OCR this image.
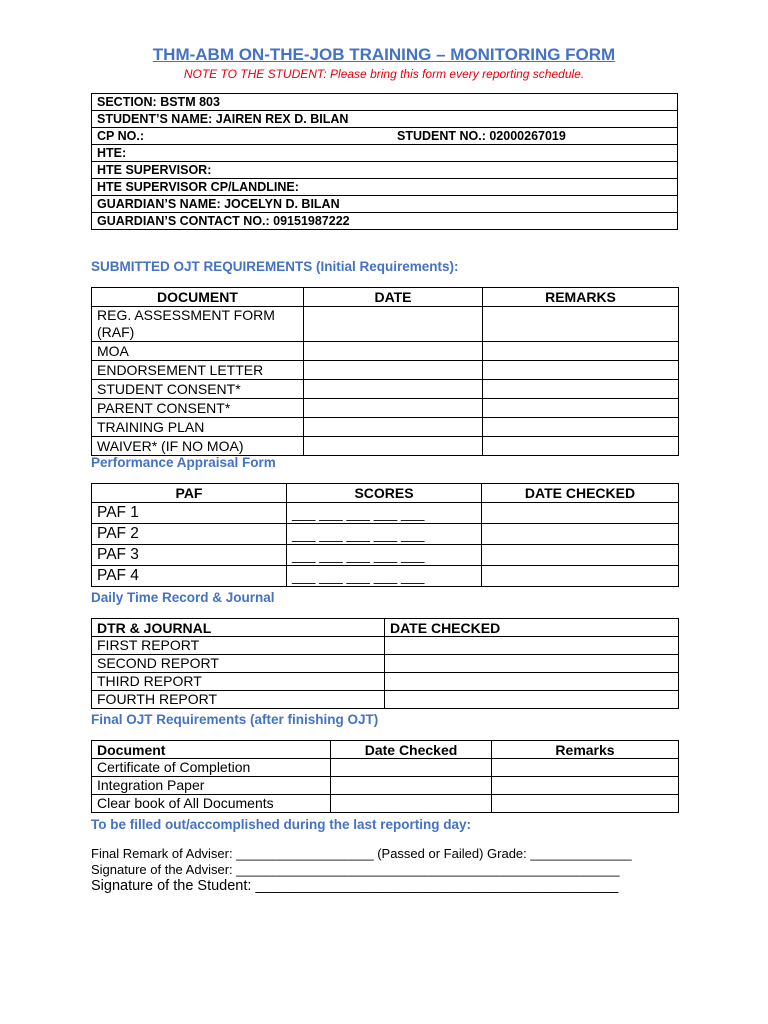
THM-ABM ON-THE-JOB TRAINING – MONITORING FORM
NOTE TO THE STUDENT: Please bring this form every reporting schedule.
SECTION: BSTM 803
STUDENT’S NAME: JAIREN REX D. BILAN

CP NO.:	STUDENT NO.: 02000267019

HTE:
HTE SUPERVISOR:
HTE SUPERVISOR CP/LANDLINE:
GUARDIAN’S NAME: JOCELYN D. BILAN
GUARDIAN’S CONTACT NO.: 09151987222
SUBMITTED OJT REQUIREMENTS (Initial Requirements):
DOCUMENT	DATE	REMARKS
REG. ASSESSMENT FORM (RAF)		
MOA		
ENDORSEMENT LETTER		
STUDENT CONSENT*		
PARENT CONSENT*		
TRAINING PLAN		
WAIVER* (IF NO MOA)		
Performance Appraisal Form
PAF	SCORES	DATE CHECKED
PAF 1	___ ___ ___ ___ ___	
PAF 2	___ ___ ___ ___ ___	
PAF 3	___ ___ ___ ___ ___	
PAF 4	___ ___ ___ ___ ___	
Daily Time Record & Journal
DTR & JOURNAL	DATE CHECKED
FIRST REPORT	
SECOND REPORT	
THIRD REPORT	
FOURTH REPORT	
Final OJT Requirements (after finishing OJT)
Document	Date Checked	Remarks
Certificate of Completion		
Integration Paper		
Clear book of All Documents		
To be filled out/accomplished during the last reporting day:
Final Remark of Adviser: ___________________ (Passed or Failed) Grade: ______________
Signature of the Adviser: _____________________________________________________
Signature of the Student: _____________________________________________
